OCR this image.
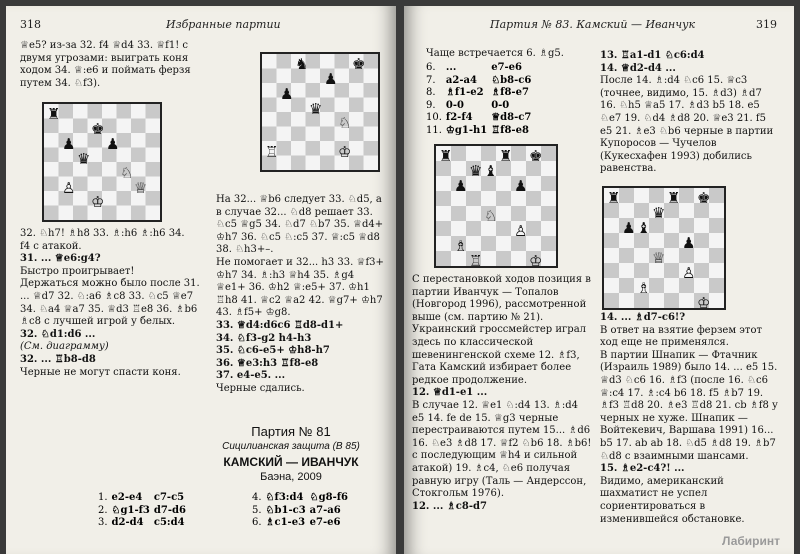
318	Избранные партии
♕e5? из-за 32. f4 ♕d4 33. ♕f1! с двумя угрозами: выиграть коня ходом 34. ♕:e6 и поймать ферзя путем 34. ♘f3).
♜
♚
♟ ♟
♛
♘
♙	♕
♔

32. ♘h7! ♗h8 33. ♗:h6 ♗:h6 34.

f4 с атакой.

31. ... ♕e6:g4?

Быстро проигрывает!

Держаться можно было после 31. ... ♕d7 32. ♘:a6 ♗c8 33. ♘c5 ♕e7 34. ♘a4 ♕a7 35. ♕d3 ♖e8 36. ♗b6 ♗c8 с лучшей игрой у белых.

32. ♘d1:d6 ...

(См. диаграмму)

32. ... ♖b8-d8

Черные не могут спасти коня.

♞	♚
♟
♟
♛
♘
♖	♔

На 32... ♕b6 следует 33. ♘d5, а в случае 32... ♘d8 решает 33. ♘c5 ♕g5 34. ♘d7 ♘b7 35. ♕d4+ ♔h7 36. ♘c5 ♘:c5 37. ♕:c5 ♕d8 38. ♘h3+–.

Не помогает и 32... h3 33. ♕f3+ ♔h7 34. ♗:h3 ♕h4 35. ♗g4 ♕e1+ 36. ♔h2 ♕:e5+ 37. ♔h1 ♖h8 41. ♕c2 ♕a2 42. ♕g7+ ♔h7 43. ♗f5+ ♔g8.

33. ♕d4:d6c6 ♖d8-d1+

34. ♘f3-g2 h4-h3

35. ♘c6-e5+ ♔h8-h7

36. ♕e3:h3 ♖f8-e8

37. e4-e5. ...

Черные сдались.

Партия № 81
Сицилианская защита (В 85)
КАМСКИЙ — ИВАНЧУК
Баэна, 2009
1.	e2-e4	c7-c5
2.	♘g1-f3	d7-d6
3.	d2-d4	c5:d4
4.	♘f3:d4	♘g8-f6
5.	♘b1-c3	a7-a6
6.	♗c1-e3	e7-e6
Партия № 83. Камский — Иванчук	319

Чаще встречается 6. ♗g5.

6.	...	e7-e6
7.	a2-a4	♘b8-c6
8.	♗f1-e2	♗f8-e7
9.	0-0	0-0
10.	f2-f4	♕d8-c7
11.	♔g1-h1	♖f8-e8
♜	♜ ♚
♛ ♝
♟	♟
♘
♙
♗
♖	♔

С перестановкой ходов позиция в партии Иванчук — Топалов (Новгород 1996), рассмотренной выше (см. партию № 21).

Украинский гроссмейстер играл здесь по классической шевенингенской схеме 12. ♗f3, Гата Камский избирает более редкое продолжение.

12. ♕d1-e1 ...

В случае 12. ♕e1 ♘:d4 13. ♗:d4 e5 14. fe de 15. ♕g3 черные перестраиваются путем 15... ♗d6 16. ♘e3 ♗d8 17. ♕f2 ♘b6 18. ♗b6! с последующим ♕h4 и сильной атакой) 19. ♗c4, ♘e6 получая равную игру (Таль — Андерссон, Стокгольм 1976).

12. ... ♗c8-d7

13. ♖a1-d1 ♘c6:d4

14. ♕d2-d4 ...

После 14. ♗:d4 ♘c6 15. ♕c3 (точнее, видимо, 15. ♗d3) ♗d7 16. ♘h5 ♕a5 17. ♗d3 b5 18. e5 ♘e7 19. ♘d4 ♗d8 20. ♕e3 21. f5 e5 21. ♗e3 ♘b6 черные в партии Купоросов — Чучелов (Кукесхафен 1993) добились равенства.

♜	♜ ♚
♛
♟ ♝
♟
♕
♙
♗
♔

14. ... ♗d7-c6!?

В ответ на взятие ферзем этот ход еще не применялся.

В партии Шнапик — Фтачник (Израиль 1989) было 14. ... e5 15. ♕d3 ♘c6 16. ♗f3 (после 16. ♘c6 ♕:c4 17. ♗:c4 b6 18. f5 ♗b7 19. ♗f3 ♖d8 20. ♗e3 ♖d8 21. cb ♗f8 у черных не хуже. Шнапик — Войтекевич, Варшава 1991) 16... b5 17. ab ab 18. ♘d5 ♗d8 19. ♗b7 ♘d8 с взаимными шансами.

15. ♗e2-c4?! ...

Видимо, американский шахматист не успел сориентироваться в изменившейся обстановке.

Лабиринт
